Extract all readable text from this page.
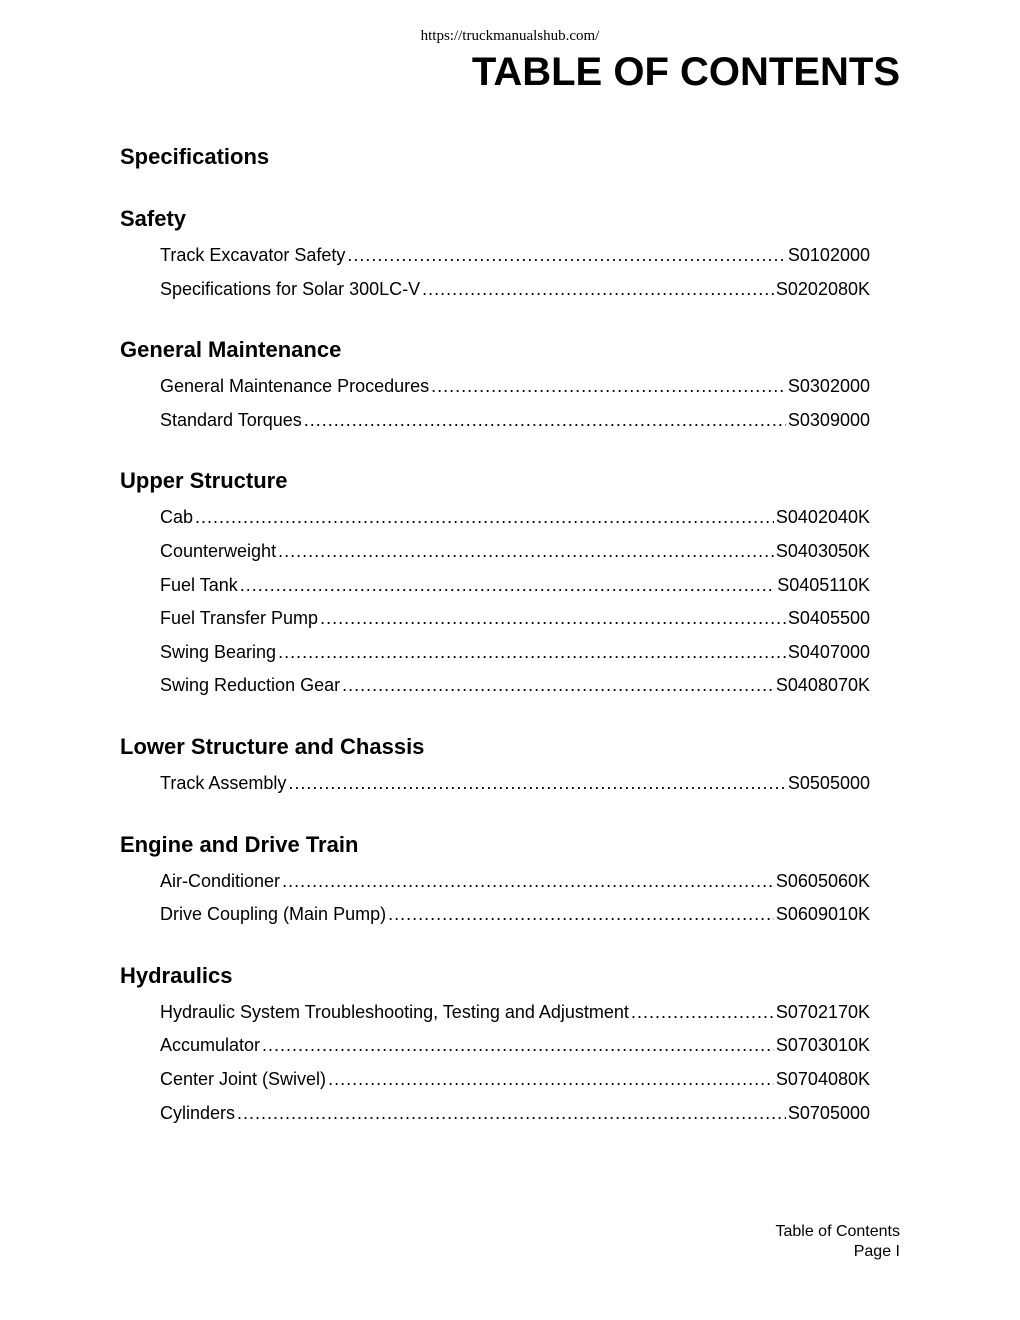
https://truckmanualshub.com/
TABLE OF CONTENTS
Specifications
Safety
Track Excavator Safety .....	S0102000
Specifications for Solar 300LC-V .....	S0202080K
General Maintenance
General Maintenance Procedures .....	S0302000
Standard Torques .....	S0309000
Upper Structure
Cab .....	S0402040K
Counterweight .....	S0403050K
Fuel Tank .....	S0405110K
Fuel Transfer Pump .....	S0405500
Swing Bearing .....	S0407000
Swing Reduction Gear .....	S0408070K
Lower Structure and Chassis
Track Assembly .....	S0505000
Engine and Drive Train
Air-Conditioner .....	S0605060K
Drive Coupling (Main Pump) .....	S0609010K
Hydraulics
Hydraulic System Troubleshooting, Testing and Adjustment .....	S0702170K
Accumulator .....	S0703010K
Center Joint (Swivel) .....	S0704080K
Cylinders .....	S0705000
Table of Contents
Page I
